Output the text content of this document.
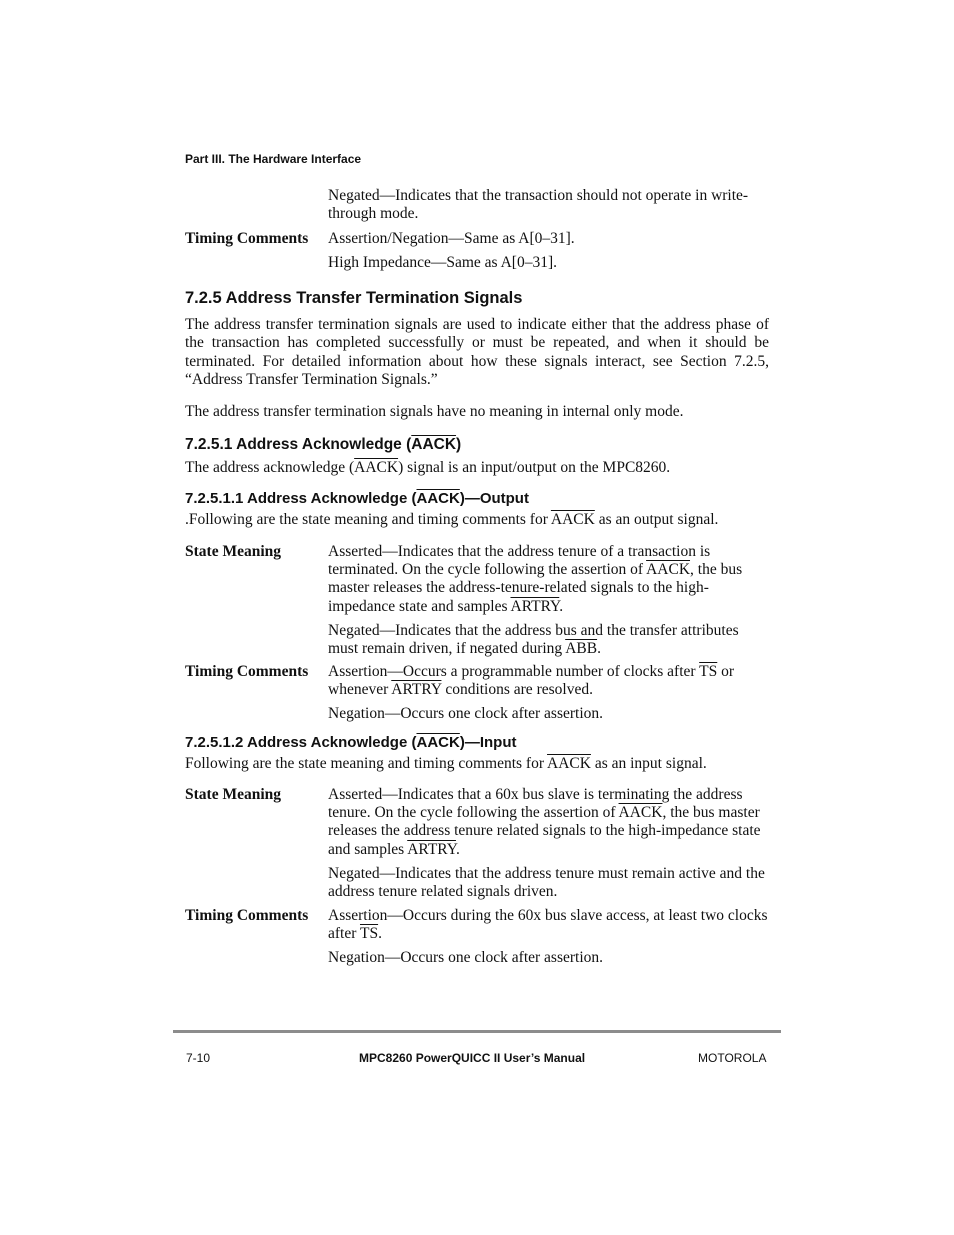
Part III. The Hardware Interface

Negated—Indicates that the transaction should not operate in write-through mode.

Timing Comments	Assertion/Negation—Same as A[0–31].

High Impedance—Same as A[0–31].

7.2.5 Address Transfer Termination Signals

The address transfer termination signals are used to indicate either that the address phase of the transaction has completed successfully or must be repeated, and when it should be terminated. For detailed information about how these signals interact, see Section 7.2.5, “Address Transfer Termination Signals.”

The address transfer termination signals have no meaning in internal only mode.

7.2.5.1 Address Acknowledge (AACK)

The address acknowledge (AACK) signal is an input/output on the MPC8260.

7.2.5.1.1 Address Acknowledge (AACK)—Output

.Following are the state meaning and timing comments for AACK as an output signal.

State Meaning	Asserted—Indicates that the address tenure of a transaction is terminated. On the cycle following the assertion of AACK, the bus master releases the address-tenure-related signals to the high-impedance state and samples ARTRY.

Negated—Indicates that the address bus and the transfer attributes must remain driven, if negated during $\overline{ABB}$.

Timing Comments	Assertion—Occurs a programmable number of clocks after $\overline{TS}$ or whenever ARTRY conditions are resolved.

Negation—Occurs one clock after assertion.

7.2.5.1.2 Address Acknowledge (AACK)—Input

Following are the state meaning and timing comments for AACK as an input signal.

State Meaning	Asserted—Indicates that a 60x bus slave is terminating the address tenure. On the cycle following the assertion of AACK, the bus master releases the address tenure related signals to the high-impedance state and samples ARTRY.

Negated—Indicates that the address tenure must remain active and the address tenure related signals driven.

Timing Comments	Assertion—Occurs during the 60x bus slave access, at least two clocks after $\overline{TS}$.

Negation—Occurs one clock after assertion.

7-10	MPC8260 PowerQUICC II User’s Manual	MOTOROLA
